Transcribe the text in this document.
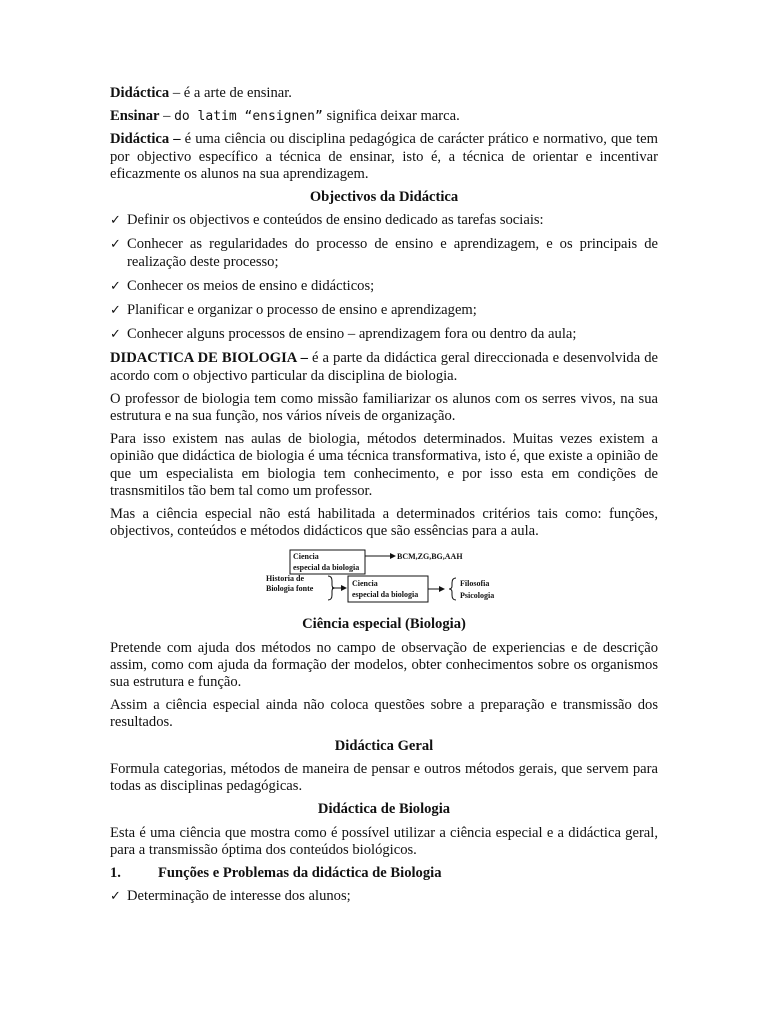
Didáctica – é a arte de ensinar.

Ensinar – do latim “ensignen” significa deixar marca.

Didáctica – é uma ciência ou disciplina pedagógica de carácter prático e normativo, que tem por objectivo específico a técnica de ensinar, isto é, a técnica de orientar e incentivar eficazmente os alunos na sua aprendizagem.

Objectivos da Didáctica
✓ Definir os objectivos e conteúdos de ensino dedicado as tarefas sociais:
✓ Conhecer as regularidades do processo de ensino e aprendizagem, e os principais de realização deste processo;
✓ Conhecer os meios de ensino e didácticos;
✓ Planificar e organizar o processo de ensino e aprendizagem;
✓ Conhecer alguns processos de ensino – aprendizagem fora ou dentro da aula;

DIDACTICA DE BIOLOGIA – é a parte da didáctica geral direccionada e desenvolvida de acordo com o objectivo particular da disciplina de biologia.

O professor de biologia tem como missão familiarizar os alunos com os serres vivos, na sua estrutura e na sua função, nos vários níveis de organização.

Para isso existem nas aulas de biologia, métodos determinados. Muitas vezes existem a opinião que didáctica de biologia é uma técnica transformativa, isto é, que existe a opinião de que um especialista em biologia tem conhecimento, e por isso esta em condições de trasnsmitilos tão bem tal como um professor.

Mas a ciência especial não está habilitada a determinados critérios tais como: funções, objectivos, conteúdos e métodos didácticos que são essências para a aula.

Ciencia
especial da biologia
BCM,ZG,BG,AAH
Historia de
Biologia fonte
Ciencia
especial da biologia
Filosofia
Psicologia
Ciência especial (Biologia)

Pretende com ajuda dos métodos no campo de observação de experiencias e de descrição assim, como com ajuda da formação der modelos, obter conhecimentos sobre os organismos sua estrutura e função.

Assim a ciência especial ainda não coloca questões sobre a preparação e transmissão dos resultados.

Didáctica Geral

Formula categorias, métodos de maneira de pensar e outros métodos gerais, que servem para todas as disciplinas pedagógicas.

Didáctica de Biologia

Esta é uma ciência que mostra como é possível utilizar a ciência especial e a didáctica geral, para a transmissão óptima dos conteúdos biológicos.

1.	Funções e Problemas da didáctica de Biologia

✓ Determinação de interesse dos alunos;
